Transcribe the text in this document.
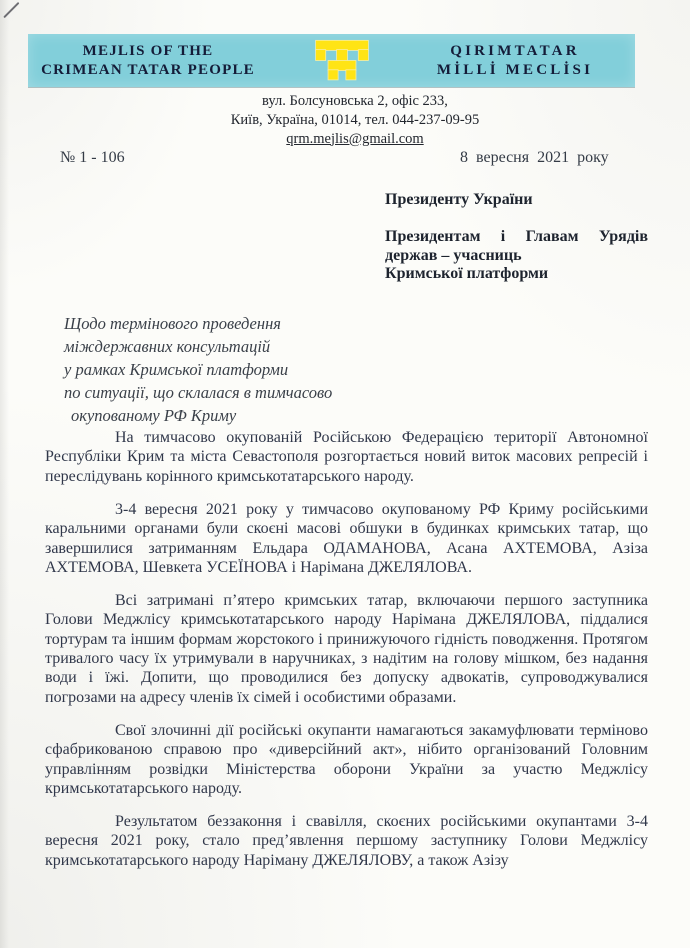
MEJLIS OF THE
CRIMEAN TATAR PEOPLE
QIRIMTATAR
MİLLİ MECLİSI
вул. Болсуновська 2, офіс 233,
Київ, Україна, 01014, тел. 044-237-09-95
qrm.mejlis@gmail.com
№ 1 - 106	8 вересня 2021 року
Президенту України
Президентам і Главам Урядів
держав – учасниць
Кримської платформи
Щодо термінового проведення
міждержавних консультацій
у рамках Кримської платформи
по ситуації, що склалася в тимчасово
окупованому РФ Криму

На тимчасово окупованій Російською Федерацією території Автономної Республіки Крим та міста Севастополя розгортається новий виток масових репресій і переслідувань корінного кримськотатарського народу.

3-4 вересня 2021 року у тимчасово окупованому РФ Криму російськими каральними органами були скоєні масові обшуки в будинках кримських татар, що завершилися затриманням Ельдара ОДАМАНОВА, Асана АХТЕМОВА, Азіза АХТЕМОВА, Шевкета УСЕЇНОВА і Нарімана ДЖЕЛЯЛОВА.

Всі затримані п’ятеро кримських татар, включаючи першого заступника Голови Меджлісу кримськотатарського народу Нарімана ДЖЕЛЯЛОВА, піддалися тортурам та іншим формам жорстокого і принижуючого гідність поводження. Протягом тривалого часу їх утримували в наручниках, з надітим на голову мішком, без надання води і їжі. Допити, що проводилися без допуску адвокатів, супроводжувалися погрозами на адресу членів їх сімей і особистими образами.

Свої злочинні дії російські окупанти намагаються закамуфлювати терміново сфабрикованою справою про «диверсійний акт», нібито організований Головним управлінням розвідки Міністерства оборони України за участю Меджлісу кримськотатарського народу.

Результатом беззаконня і свавілля, скоєних російськими окупантами 3-4 вересня 2021 року, стало пред’явлення першому заступнику Голови Меджлісу кримськотатарського народу Наріману ДЖЕЛЯЛОВУ, а також Азізу
